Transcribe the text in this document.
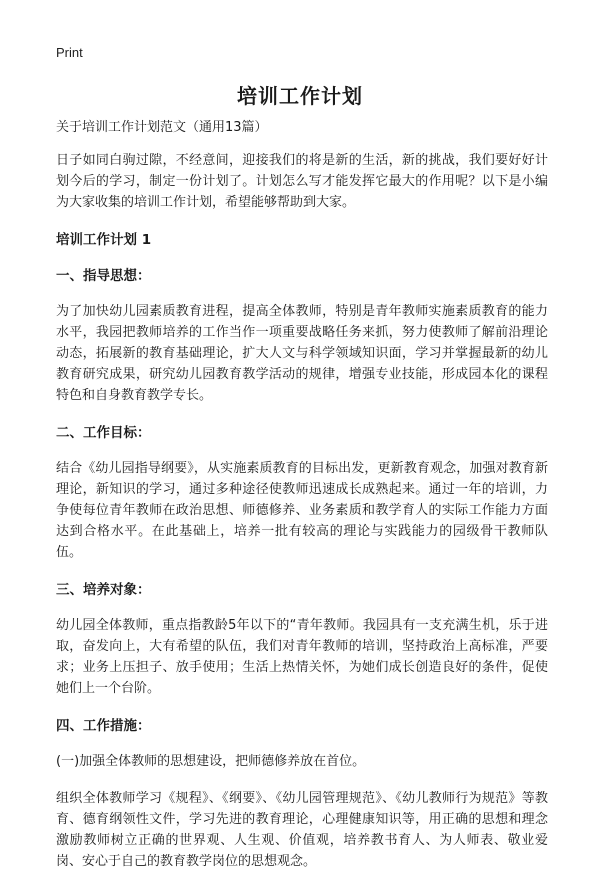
Print
培训工作计划

关于培训工作计划范文（通用13篇）

日子如同白驹过隙，不经意间，迎接我们的将是新的生活，新的挑战，我们要好好计划今后的学习，制定一份计划了。计划怎么写才能发挥它最大的作用呢？以下是小编为大家收集的培训工作计划，希望能够帮助到大家。

培训工作计划 1
一、指导思想：

为了加快幼儿园素质教育进程，提高全体教师，特别是青年教师实施素质教育的能力水平，我园把教师培养的工作当作一项重要战略任务来抓，努力使教师了解前沿理论动态，拓展新的教育基础理论，扩大人文与科学领域知识面，学习并掌握最新的幼儿教育研究成果，研究幼儿园教育教学活动的规律，增强专业技能，形成园本化的课程特色和自身教育教学专长。

二、工作目标：

结合《幼儿园指导纲要》，从实施素质教育的目标出发，更新教育观念，加强对教育新理论，新知识的学习，通过多种途径使教师迅速成长成熟起来。通过一年的培训，力争使每位青年教师在政治思想、师德修养、业务素质和教学育人的实际工作能力方面达到合格水平。在此基础上，培养一批有较高的理论与实践能力的园级骨干教师队伍。

三、培养对象：

幼儿园全体教师，重点指教龄5年以下的“青年教师。我园具有一支充满生机，乐于进取，奋发向上，大有希望的队伍，我们对青年教师的培训，坚持政治上高标准，严要求；业务上压担子、放手使用；生活上热情关怀，为她们成长创造良好的条件，促使她们上一个台阶。

四、工作措施：

(一)加强全体教师的思想建设，把师德修养放在首位。

组织全体教师学习《规程》、《纲要》、《幼儿园管理规范》、《幼儿教师行为规范》等教育、德育纲领性文件，学习先进的教育理论，心理健康知识等，用正确的思想和理念激励教师树立正确的世界观、人生观、价值观，培养教书育人、为人师表、敬业爱岗、安心于自己的教育教学岗位的思想观念。
